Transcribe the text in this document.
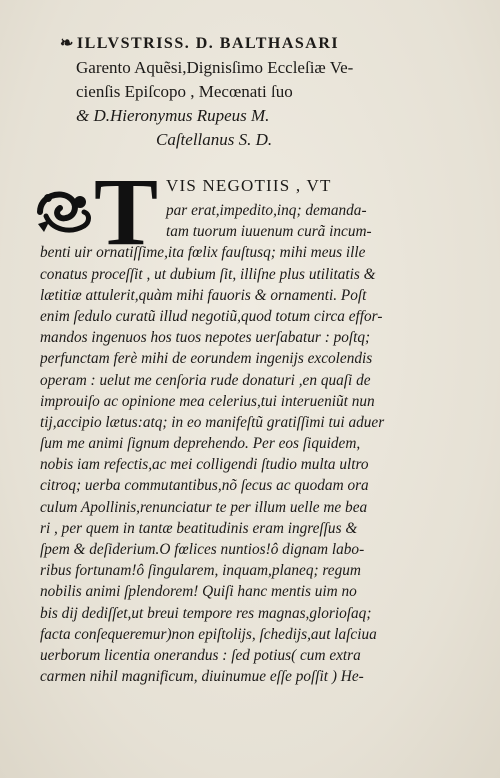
❧ ILLVSTRISS. D. BALTHASARI
Garento Aquẽsi,Dignisſimo Eccleſiæ Ve-
cienſis Epiſcopo , Mecœnati ſuo
& D.Hieronymus Rupeus M.
Caſtellanus S. D.
T VIS NEGOTIIS , VT
par erat,impedito,inq; demanda-
tam tuorum iuuenum curã incum-
benti uir ornatiſſime,ita fœlix fauſtusq; mihi meus ille
conatus proceſſit , ut dubium ſit, illiſne plus utilitatis &
lætitiæ attulerit,quàm mihi fauoris & ornamenti. Poſt
enim ſedulo curatũ illud negotiũ,quod totum circa effor-
mandos ingenuos hos tuos nepotes uerſabatur : poſtq;
perfunctam ferè mihi de eorundem ingenijs excolendis
operam : uelut me cenſoria rude donaturi ,en quaſi de
improuiſo ac opinione mea celerius,tui interueniũt nun
tij,accipio lætus:atq; in eo manifeſtũ gratiſſimi tui aduer
ſum me animi ſignum deprehendo. Per eos ſiquidem,
nobis iam refectis,ac mei colligendi ſtudio multa ultro
citroq; uerba commutantibus,nõ ſecus ac quodam ora
culum Apollinis,renunciatur te per illum uelle me bea
ri , per quem in tantæ beatitudinis eram ingreſſus &
ſpem & deſiderium.O fœlices nuntios!ô dignam labo-
ribus fortunam!ô ſingularem, inquam,planeq; regum
nobilis animi ſplendorem! Quiſi hanc mentis uim no
bis dij dediſſet,ut breui tempore res magnas,glorioſaq;
facta conſequeremur)non epiſtolijs, ſchedijs,aut laſciua
uerborum licentia onerandus : ſed potius( cum extra
carmen nihil magnificum, diuinumue eſſe poſſit ) He-
